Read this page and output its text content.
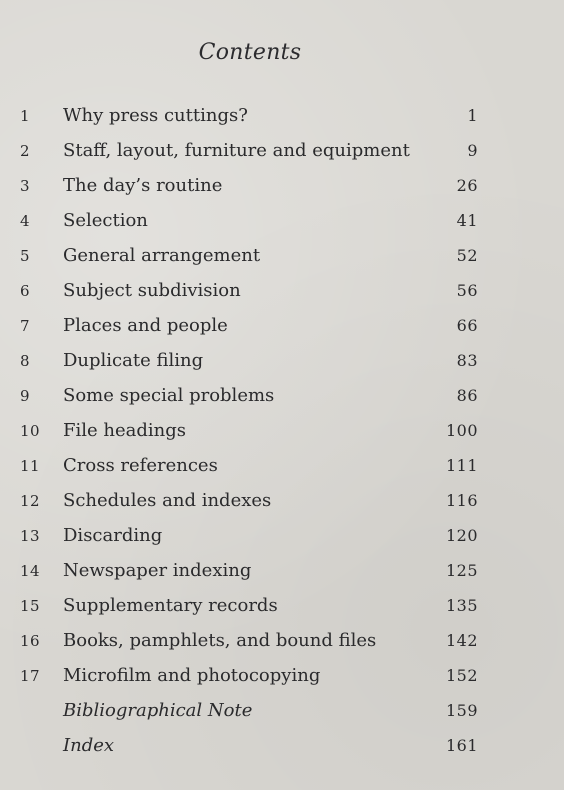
Contents
1	Why press cuttings?	1
2	Staff, layout, furniture and equipment	9
3	The day’s routine	26
4	Selection	41
5	General arrangement	52
6	Subject subdivision	56
7	Places and people	66
8	Duplicate filing	83
9	Some special problems	86
10	File headings	100
11	Cross references	111
12	Schedules and indexes	116
13	Discarding	120
14	Newspaper indexing	125
15	Supplementary records	135
16	Books, pamphlets, and bound files	142
17	Microfilm and photocopying	152
Bibliographical Note	159
Index	161
